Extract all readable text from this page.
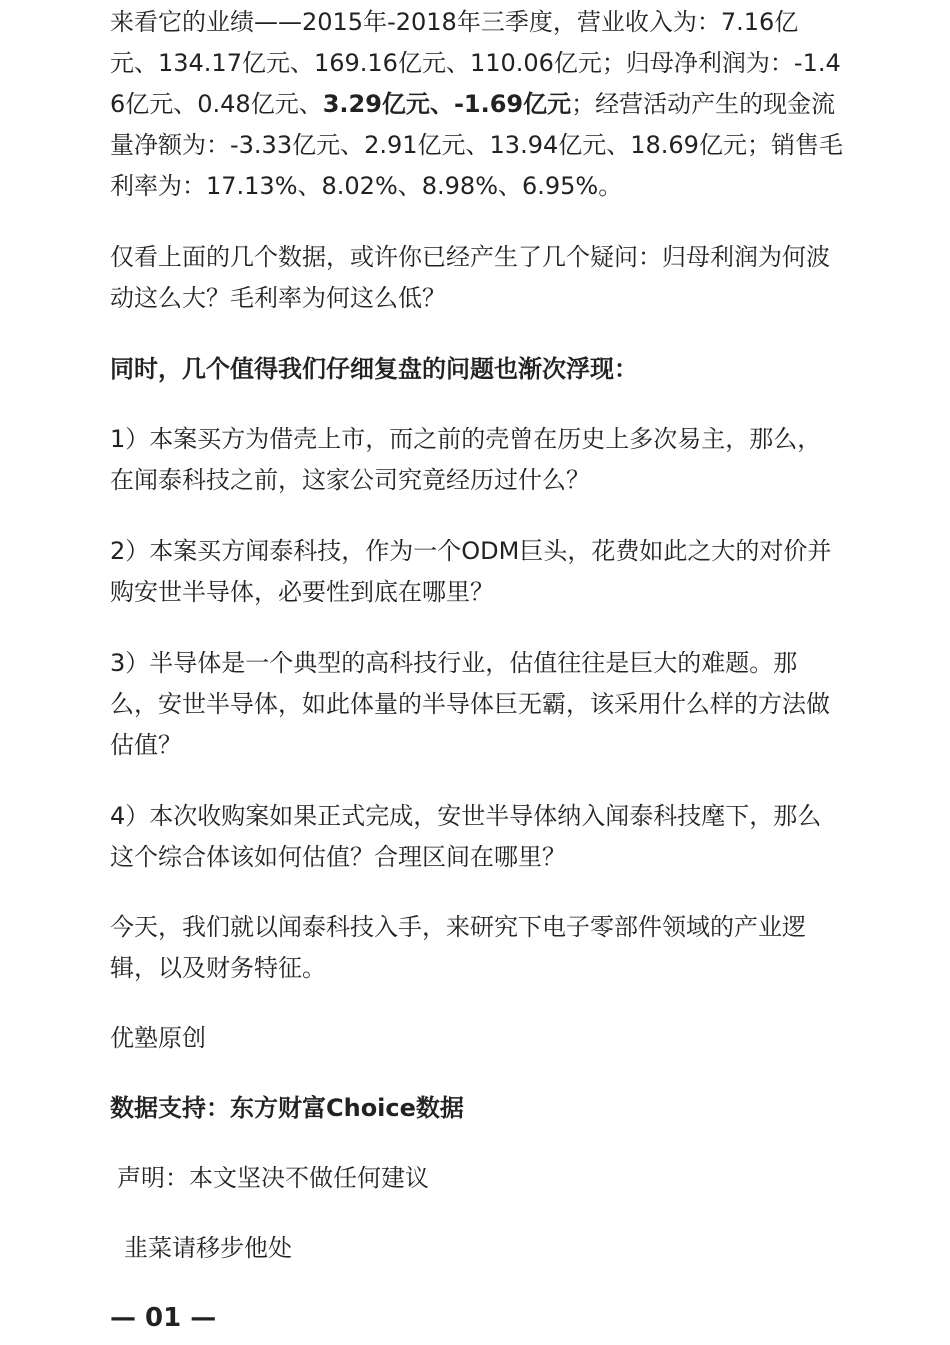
来看它的业绩——2015年-2018年三季度，营业收入为：7.16亿元、134.17亿元、169.16亿元、110.06亿元；归母净利润为：-1.46亿元、0.48亿元、3.29亿元、-1.69亿元；经营活动产生的现金流量净额为：-3.33亿元、2.91亿元、13.94亿元、18.69亿元；销售毛利率为：17.13%、8.02%、8.98%、6.95%。

仅看上面的几个数据，或许你已经产生了几个疑问：归母利润为何波动这么大？毛利率为何这么低？

同时，几个值得我们仔细复盘的问题也渐次浮现：

1）本案买方为借壳上市，而之前的壳曾在历史上多次易主，那么，在闻泰科技之前，这家公司究竟经历过什么？

2）本案买方闻泰科技，作为一个ODM巨头，花费如此之大的对价并购安世半导体，必要性到底在哪里？

3）半导体是一个典型的高科技行业，估值往往是巨大的难题。那么，安世半导体，如此体量的半导体巨无霸，该采用什么样的方法做估值？

4）本次收购案如果正式完成，安世半导体纳入闻泰科技麾下，那么这个综合体该如何估值？合理区间在哪里？

今天，我们就以闻泰科技入手，来研究下电子零部件领域的产业逻辑，以及财务特征。

优塾原创

数据支持：东方财富Choice数据

声明：本文坚决不做任何建议

韭菜请移步他处

— 01 —
